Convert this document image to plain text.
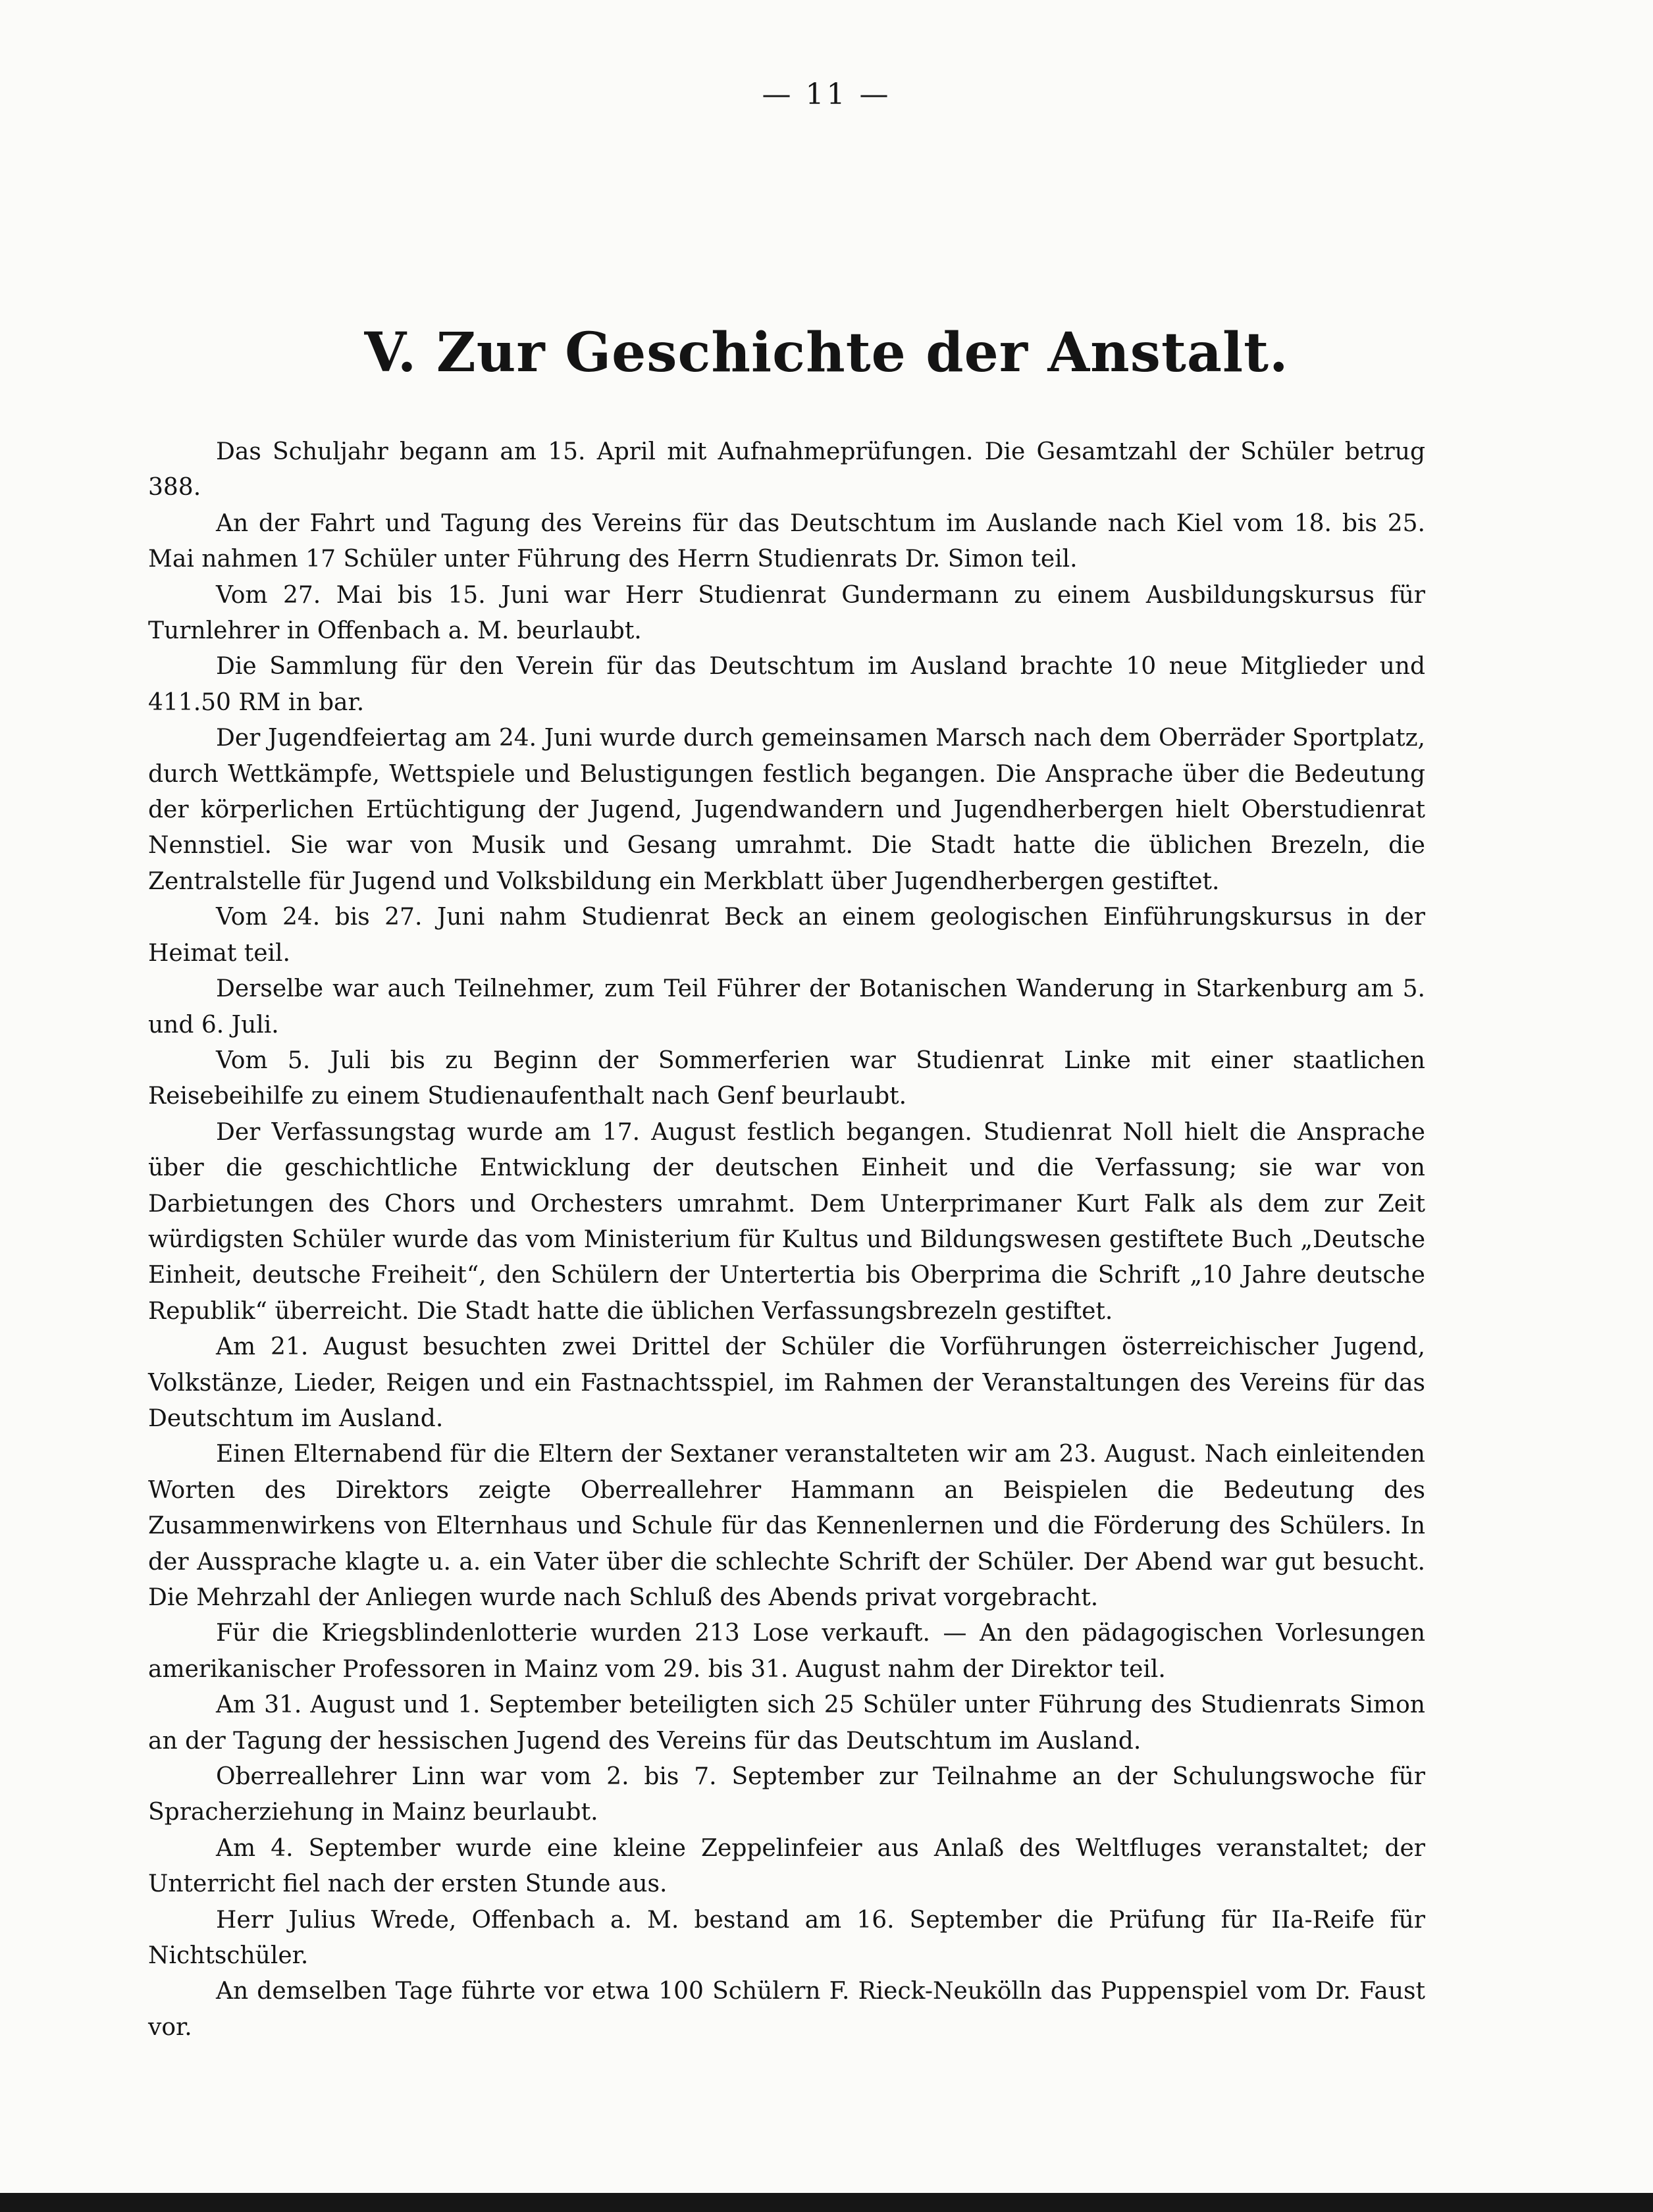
— 11 —
V. Zur Geschichte der Anstalt.

Das Schuljahr begann am 15. April mit Aufnahmeprüfungen. Die Gesamtzahl der Schüler betrug 388.

An der Fahrt und Tagung des Vereins für das Deutschtum im Auslande nach Kiel vom 18. bis 25. Mai nahmen 17 Schüler unter Führung des Herrn Studienrats Dr. Simon teil.

Vom 27. Mai bis 15. Juni war Herr Studienrat Gundermann zu einem Ausbildungskursus für Turnlehrer in Offenbach a. M. beurlaubt.

Die Sammlung für den Verein für das Deutschtum im Ausland brachte 10 neue Mitglieder und 411.50 RM in bar.

Der Jugendfeiertag am 24. Juni wurde durch gemeinsamen Marsch nach dem Oberräder Sportplatz, durch Wettkämpfe, Wettspiele und Belustigungen festlich begangen. Die Ansprache über die Bedeutung der körperlichen Ertüchtigung der Jugend, Jugendwandern und Jugendherbergen hielt Oberstudienrat Nennstiel. Sie war von Musik und Gesang umrahmt. Die Stadt hatte die üblichen Brezeln, die Zentralstelle für Jugend und Volksbildung ein Merkblatt über Jugendherbergen gestiftet.

Vom 24. bis 27. Juni nahm Studienrat Beck an einem geologischen Einführungskursus in der Heimat teil.

Derselbe war auch Teilnehmer, zum Teil Führer der Botanischen Wanderung in Starkenburg am 5. und 6. Juli.

Vom 5. Juli bis zu Beginn der Sommerferien war Studienrat Linke mit einer staatlichen Reisebeihilfe zu einem Studienaufenthalt nach Genf beurlaubt.

Der Verfassungstag wurde am 17. August festlich begangen. Studienrat Noll hielt die Ansprache über die geschichtliche Entwicklung der deutschen Einheit und die Verfassung; sie war von Darbietungen des Chors und Orchesters umrahmt. Dem Unterprimaner Kurt Falk als dem zur Zeit würdigsten Schüler wurde das vom Ministerium für Kultus und Bildungswesen gestiftete Buch „Deutsche Einheit, deutsche Freiheit“, den Schülern der Untertertia bis Oberprima die Schrift „10 Jahre deutsche Republik“ überreicht. Die Stadt hatte die üblichen Verfassungsbrezeln gestiftet.

Am 21. August besuchten zwei Drittel der Schüler die Vorführungen österreichischer Jugend, Volkstänze, Lieder, Reigen und ein Fastnachtsspiel, im Rahmen der Veranstaltungen des Vereins für das Deutschtum im Ausland.

Einen Elternabend für die Eltern der Sextaner veranstalteten wir am 23. August. Nach einleitenden Worten des Direktors zeigte Oberreallehrer Hammann an Beispielen die Bedeutung des Zusammenwirkens von Elternhaus und Schule für das Kennenlernen und die Förderung des Schülers. In der Aussprache klagte u. a. ein Vater über die schlechte Schrift der Schüler. Der Abend war gut besucht. Die Mehrzahl der Anliegen wurde nach Schluß des Abends privat vorgebracht.

Für die Kriegsblindenlotterie wurden 213 Lose verkauft. — An den pädagogischen Vorlesungen amerikanischer Professoren in Mainz vom 29. bis 31. August nahm der Direktor teil.

Am 31. August und 1. September beteiligten sich 25 Schüler unter Führung des Studienrats Simon an der Tagung der hessischen Jugend des Vereins für das Deutschtum im Ausland.

Oberreallehrer Linn war vom 2. bis 7. September zur Teilnahme an der Schulungswoche für Spracherziehung in Mainz beurlaubt.

Am 4. September wurde eine kleine Zeppelinfeier aus Anlaß des Weltfluges veranstaltet; der Unterricht fiel nach der ersten Stunde aus.

Herr Julius Wrede, Offenbach a. M. bestand am 16. September die Prüfung für IIa-Reife für Nichtschüler.

An demselben Tage führte vor etwa 100 Schülern F. Rieck-Neukölln das Puppenspiel vom Dr. Faust vor.
